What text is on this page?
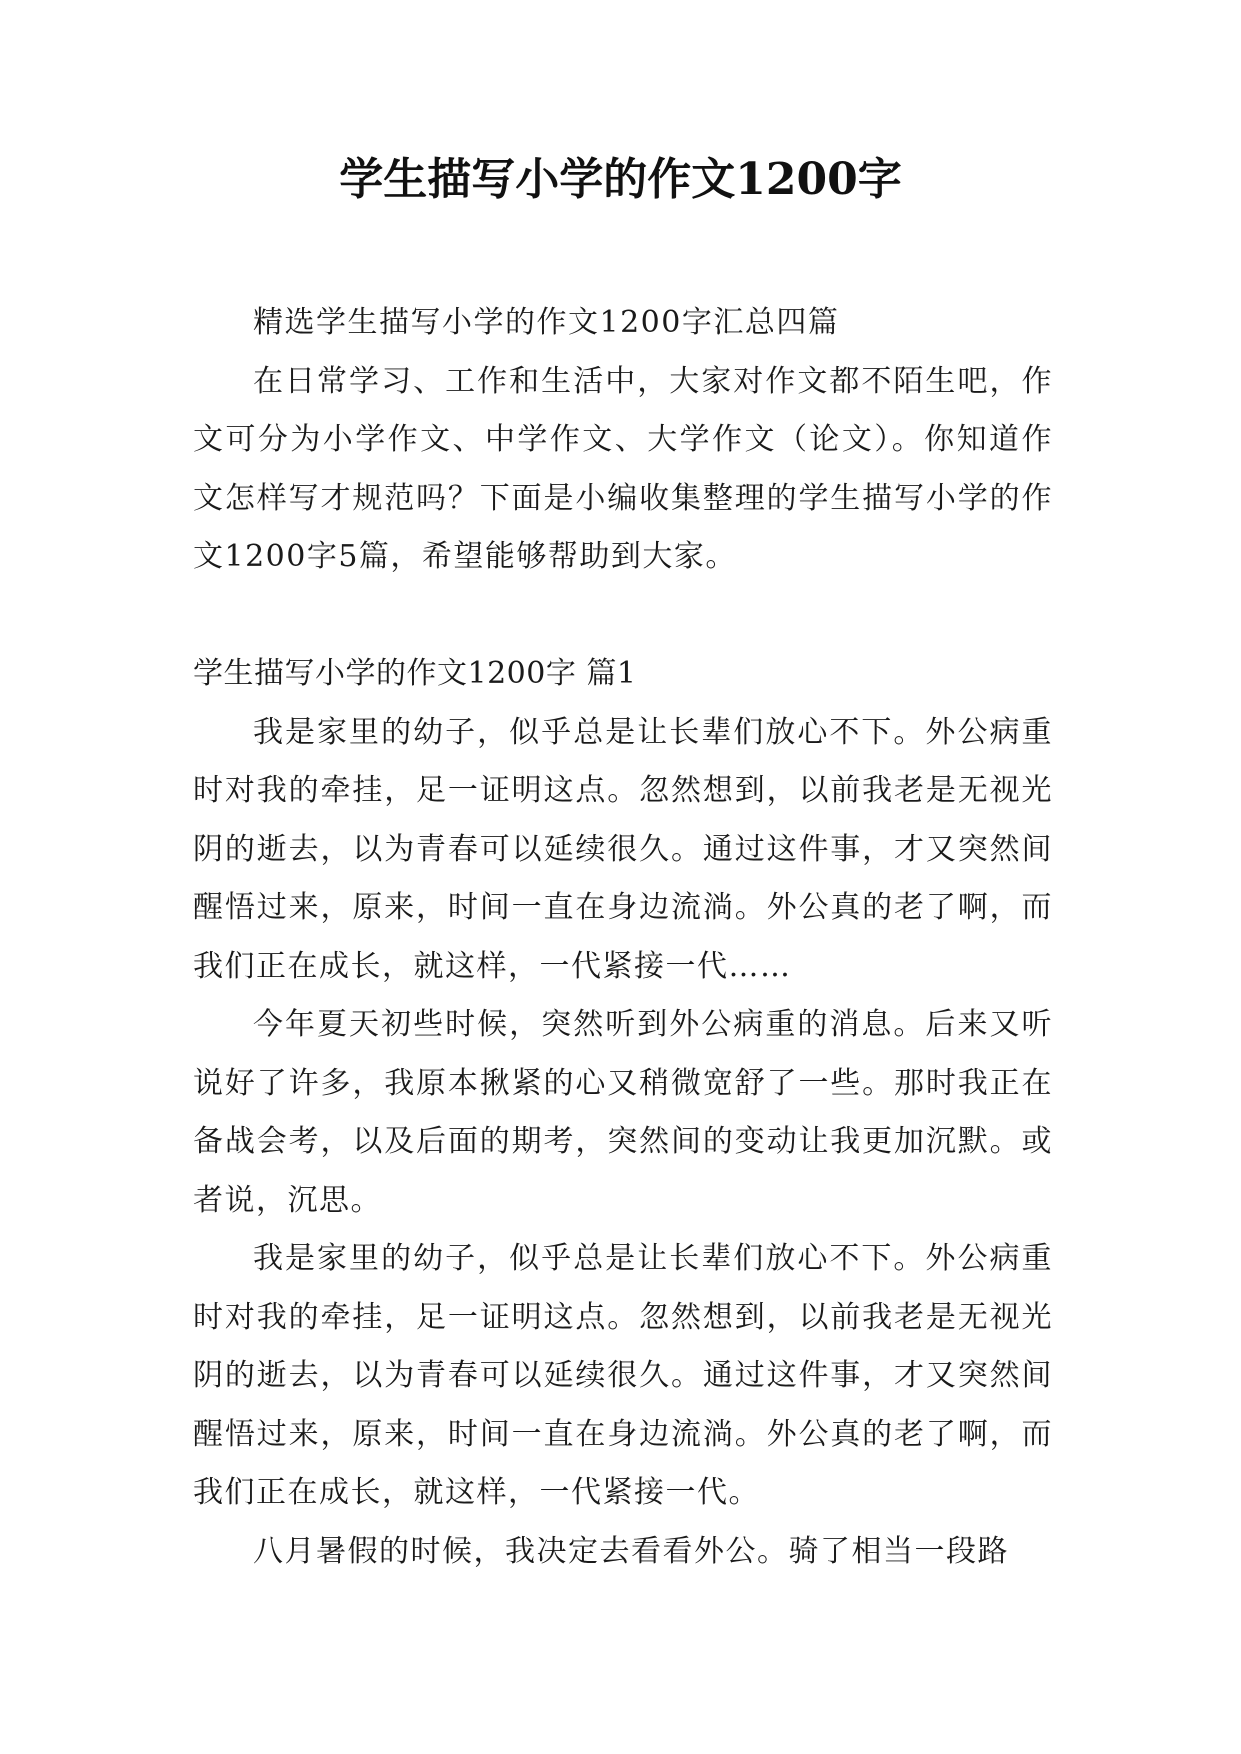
学生描写小学的作文1200字

精选学生描写小学的作文1200字汇总四篇

在日常学习、工作和生活中，大家对作文都不陌生吧，作文可分为小学作文、中学作文、大学作文（论文）。你知道作文怎样写才规范吗？下面是小编收集整理的学生描写小学的作文1200字5篇，希望能够帮助到大家。

学生描写小学的作文1200字 篇1

我是家里的幼子，似乎总是让长辈们放心不下。外公病重时对我的牵挂，足一证明这点。忽然想到，以前我老是无视光阴的逝去，以为青春可以延续很久。通过这件事，才又突然间醒悟过来，原来，时间一直在身边流淌。外公真的老了啊，而我们正在成长，就这样，一代紧接一代……

今年夏天初些时候，突然听到外公病重的消息。后来又听说好了许多，我原本揪紧的心又稍微宽舒了一些。那时我正在备战会考，以及后面的期考，突然间的变动让我更加沉默。或者说，沉思。

我是家里的幼子，似乎总是让长辈们放心不下。外公病重时对我的牵挂，足一证明这点。忽然想到，以前我老是无视光阴的逝去，以为青春可以延续很久。通过这件事，才又突然间醒悟过来，原来，时间一直在身边流淌。外公真的老了啊，而我们正在成长，就这样，一代紧接一代。

八月暑假的时候，我决定去看看外公。骑了相当一段路
